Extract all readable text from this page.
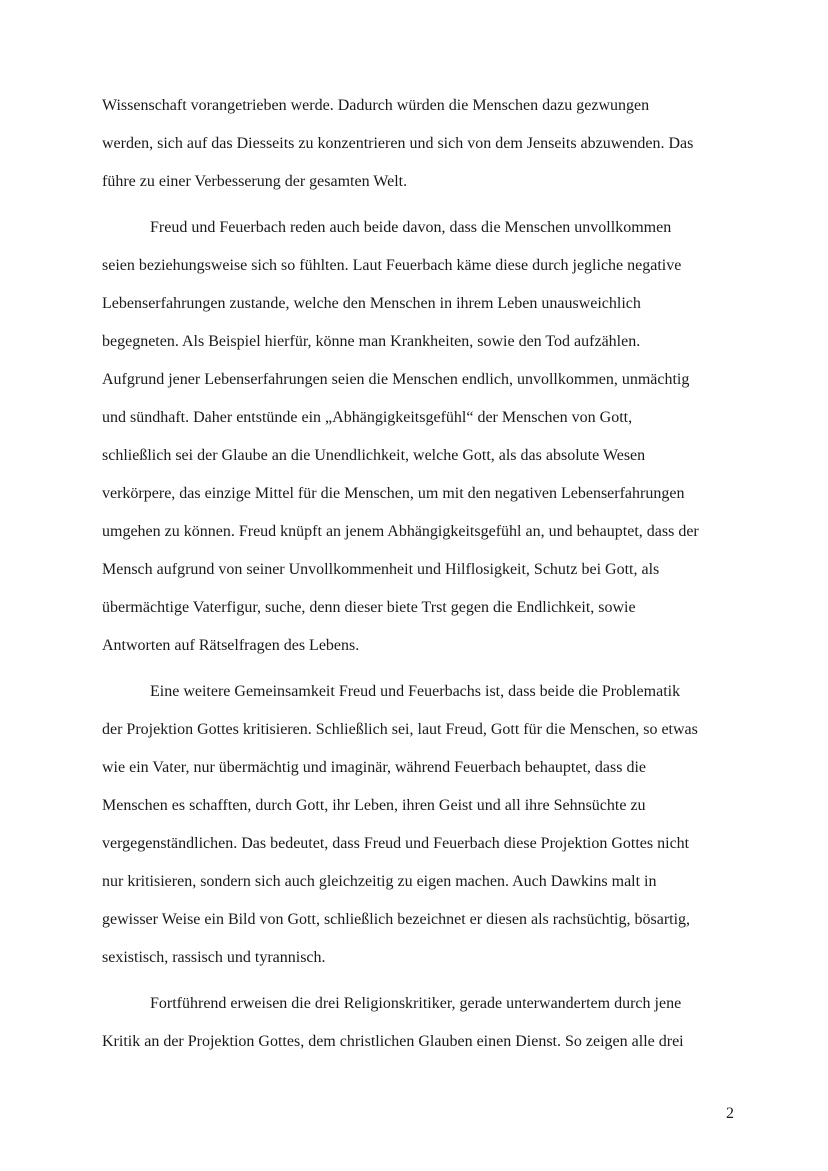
Wissenschaft vorangetrieben werde. Dadurch würden die Menschen dazu gezwungen
werden, sich auf das Diesseits zu konzentrieren und sich von dem Jenseits abzuwenden. Das
führe zu einer Verbesserung der gesamten Welt.
Freud und Feuerbach reden auch beide davon, dass die Menschen unvollkommen
seien beziehungsweise sich so fühlten. Laut Feuerbach käme diese durch jegliche negative
Lebenserfahrungen zustande, welche den Menschen in ihrem Leben unausweichlich
begegneten. Als Beispiel hierfür, könne man Krankheiten, sowie den Tod aufzählen.
Aufgrund jener Lebenserfahrungen seien die Menschen endlich, unvollkommen, unmächtig
und sündhaft. Daher entstünde ein „Abhängigkeitsgefühl“ der Menschen von Gott,
schließlich sei der Glaube an die Unendlichkeit, welche Gott, als das absolute Wesen
verkörpere, das einzige Mittel für die Menschen, um mit den negativen Lebenserfahrungen
umgehen zu können. Freud knüpft an jenem Abhängigkeitsgefühl an, und behauptet, dass der
Mensch aufgrund von seiner Unvollkommenheit und Hilflosigkeit, Schutz bei Gott, als
übermächtige Vaterfigur, suche, denn dieser biete Trst gegen die Endlichkeit, sowie
Antworten auf Rätselfragen des Lebens.
Eine weitere Gemeinsamkeit Freud und Feuerbachs ist, dass beide die Problematik
der Projektion Gottes kritisieren. Schließlich sei, laut Freud, Gott für die Menschen, so etwas
wie ein Vater, nur übermächtig und imaginär, während Feuerbach behauptet, dass die
Menschen es schafften, durch Gott, ihr Leben, ihren Geist und all ihre Sehnsüchte zu
vergegenständlichen. Das bedeutet, dass Freud und Feuerbach diese Projektion Gottes nicht
nur kritisieren, sondern sich auch gleichzeitig zu eigen machen. Auch Dawkins malt in
gewisser Weise ein Bild von Gott, schließlich bezeichnet er diesen als rachsüchtig, bösartig,
sexistisch, rassisch und tyrannisch.
Fortführend erweisen die drei Religionskritiker, gerade unterwandertem durch jene
Kritik an der Projektion Gottes, dem christlichen Glauben einen Dienst. So zeigen alle drei
2
